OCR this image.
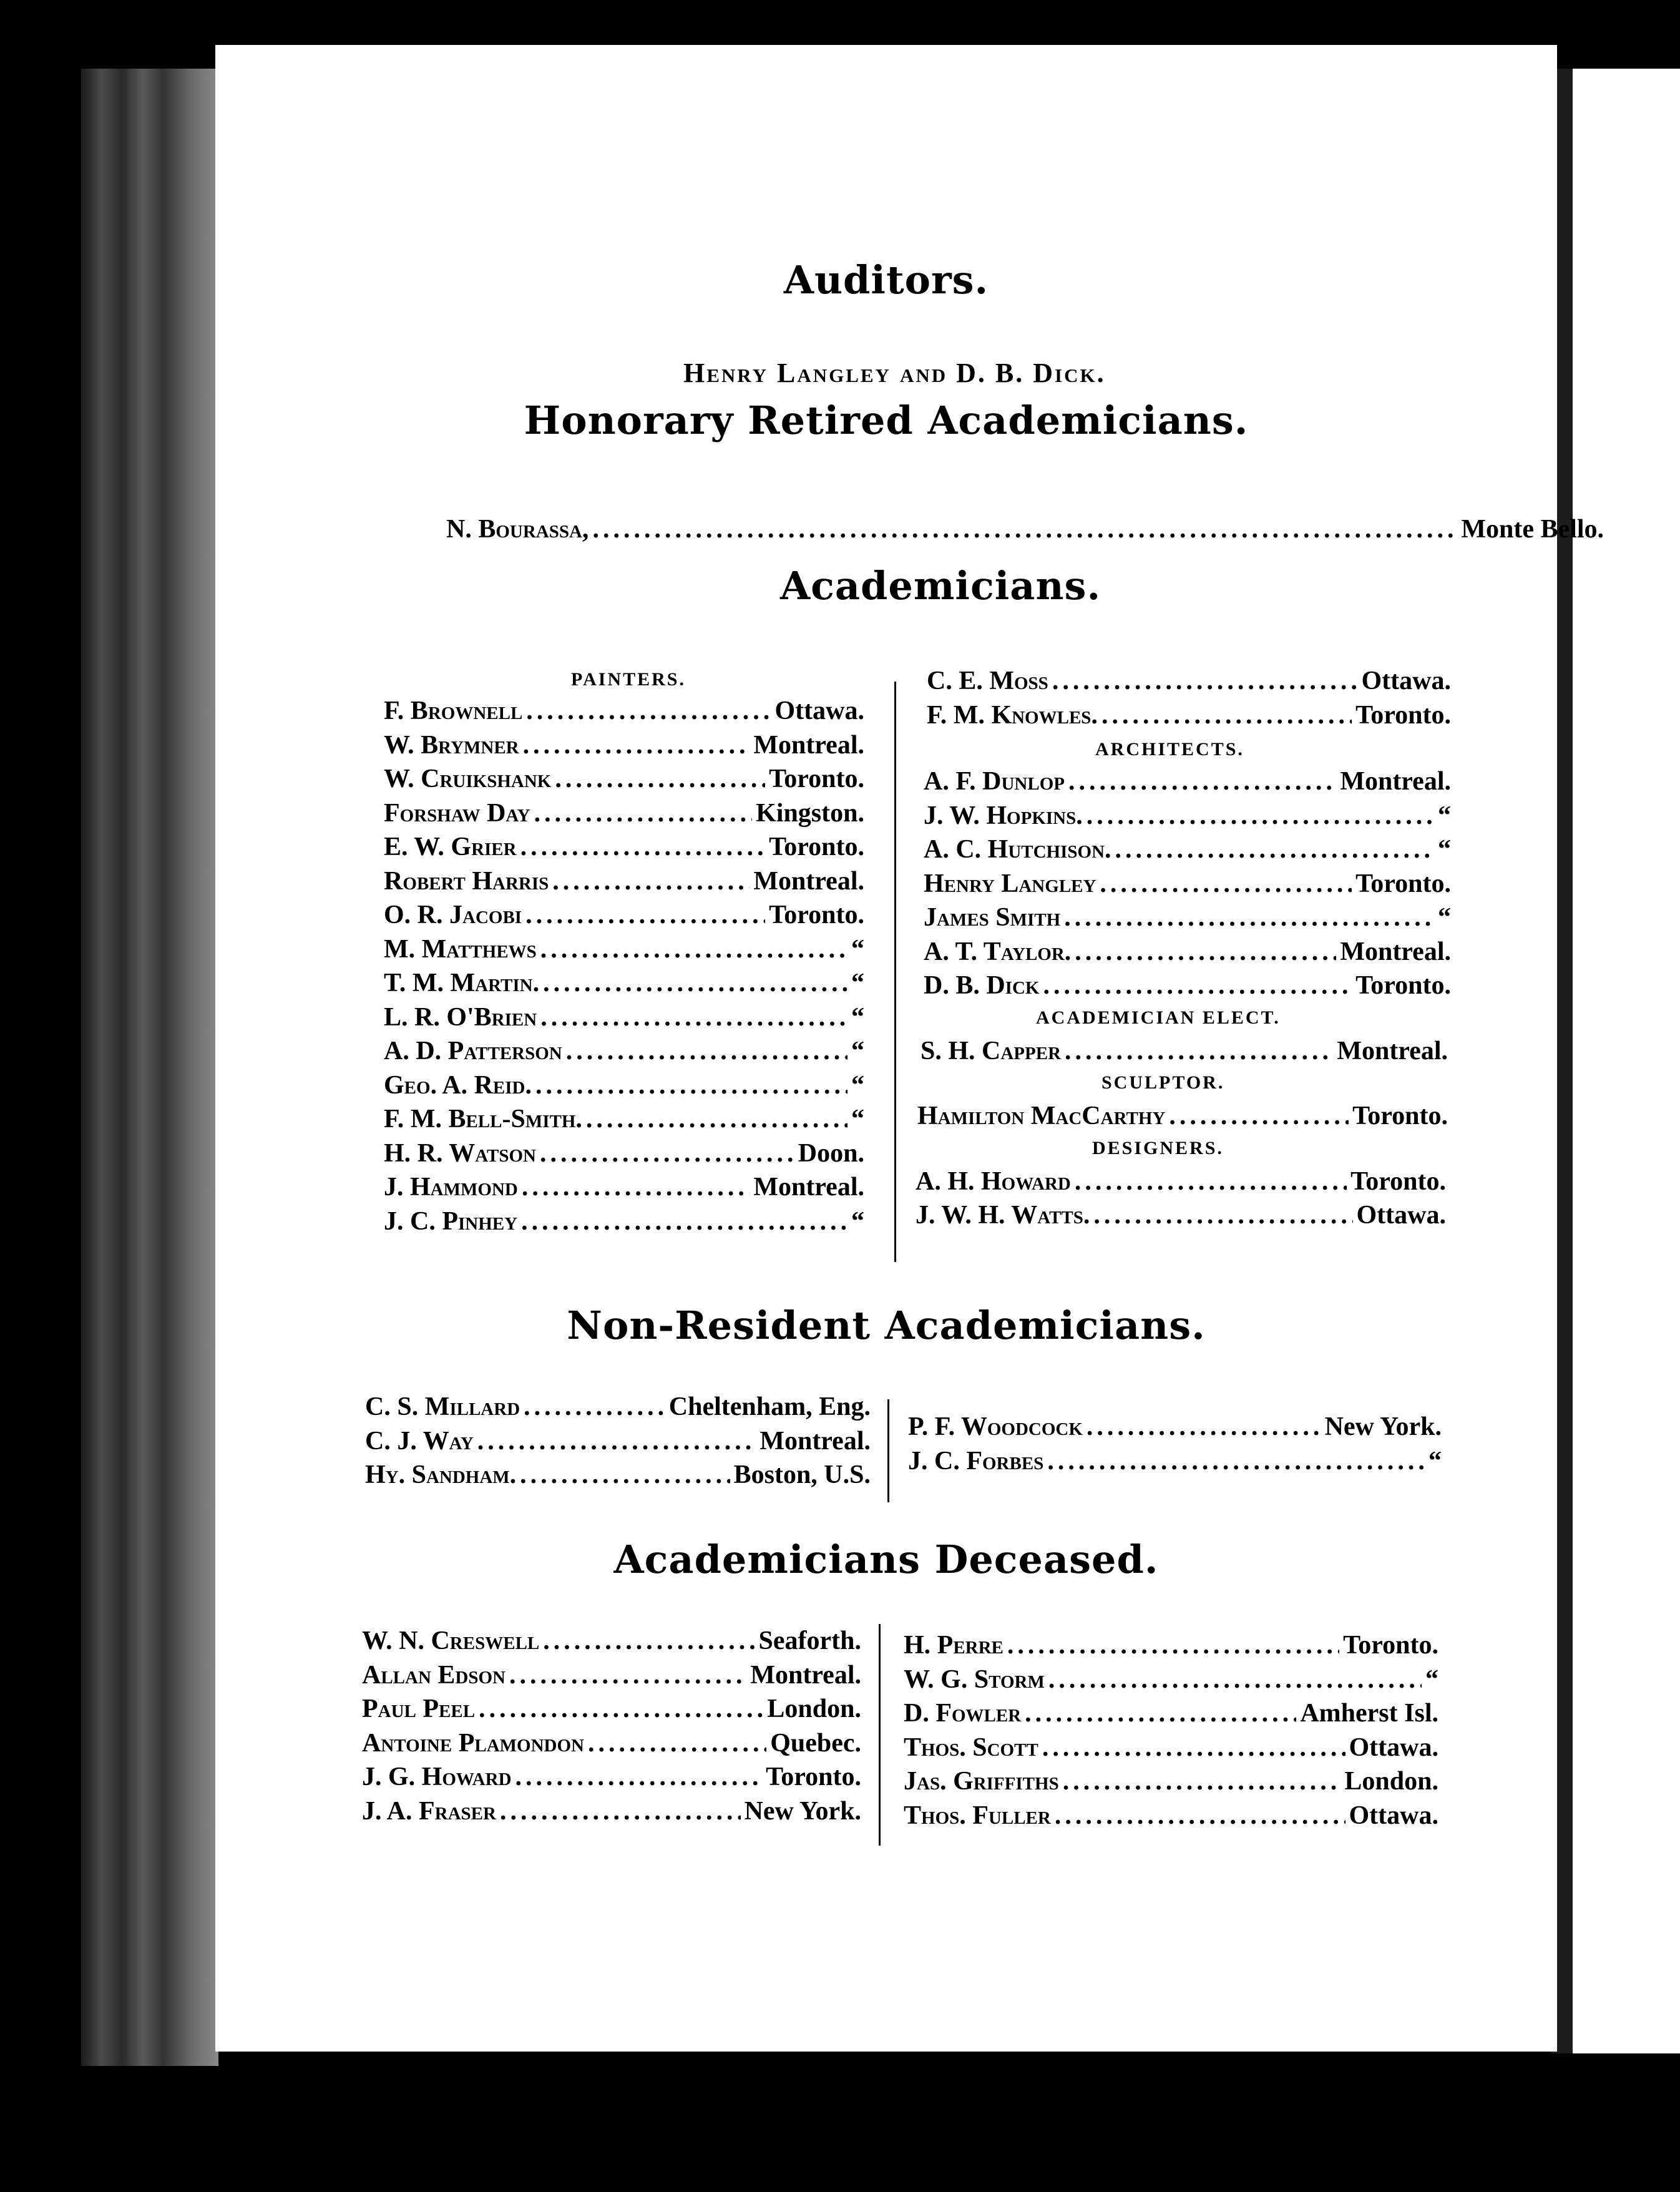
Auditors.
Henry Langley and D. B. Dick.
Honorary Retired Academicians.
N. Bourassa, .....	Monte Bello.
Academicians.
PAINTERS.
Non-Resident Academicians.
Academicians Deceased.
F. Brownell .....	Ottawa.
W. Brymner .....	Montreal.
W. Cruikshank .....	Toronto.
Forshaw Day .....	Kingston.
E. W. Grier .....	Toronto.
Robert Harris .....	Montreal.
O. R. Jacobi .....	Toronto.
M. Matthews .....	“
T. M. Martin. .....	“
L. R. O'Brien .....	“
A. D. Patterson .....	“
Geo. A. Reid. .....	“
F. M. Bell-Smith. .....	“
H. R. Watson .....	Doon.
J. Hammond .....	Montreal.
J. C. Pinhey .....	“
C. E. Moss .....	Ottawa.
F. M. Knowles. .....	Toronto.
ARCHITECTS.
A. F. Dunlop .....	Montreal.
J. W. Hopkins. .....	“
A. C. Hutchison. .....	“
Henry Langley .....	Toronto.
James Smith .....	“
A. T. Taylor. .....	Montreal.
D. B. Dick .....	Toronto.
ACADEMICIAN ELECT.
S. H. Capper .....	Montreal.
SCULPTOR.
Hamilton MacCarthy .....	Toronto.
DESIGNERS.
A. H. Howard .....	Toronto.
J. W. H. Watts. .....	Ottawa.
C. S. Millard .....	Cheltenham, Eng.
C. J. Way .....	Montreal.
Hy. Sandham. .....	Boston, U.S.
P. F. Woodcock .....	New York.
J. C. Forbes .....	“
W. N. Creswell .....	Seaforth.
Allan Edson .....	Montreal.
Paul Peel .....	London.
Antoine Plamondon .....	Quebec.
J. G. Howard .....	Toronto.
J. A. Fraser .....	New York.
H. Perre .....	Toronto.
W. G. Storm .....	“
D. Fowler .....	Amherst Isl.
Thos. Scott .....	Ottawa.
Jas. Griffiths .....	London.
Thos. Fuller .....	Ottawa.
